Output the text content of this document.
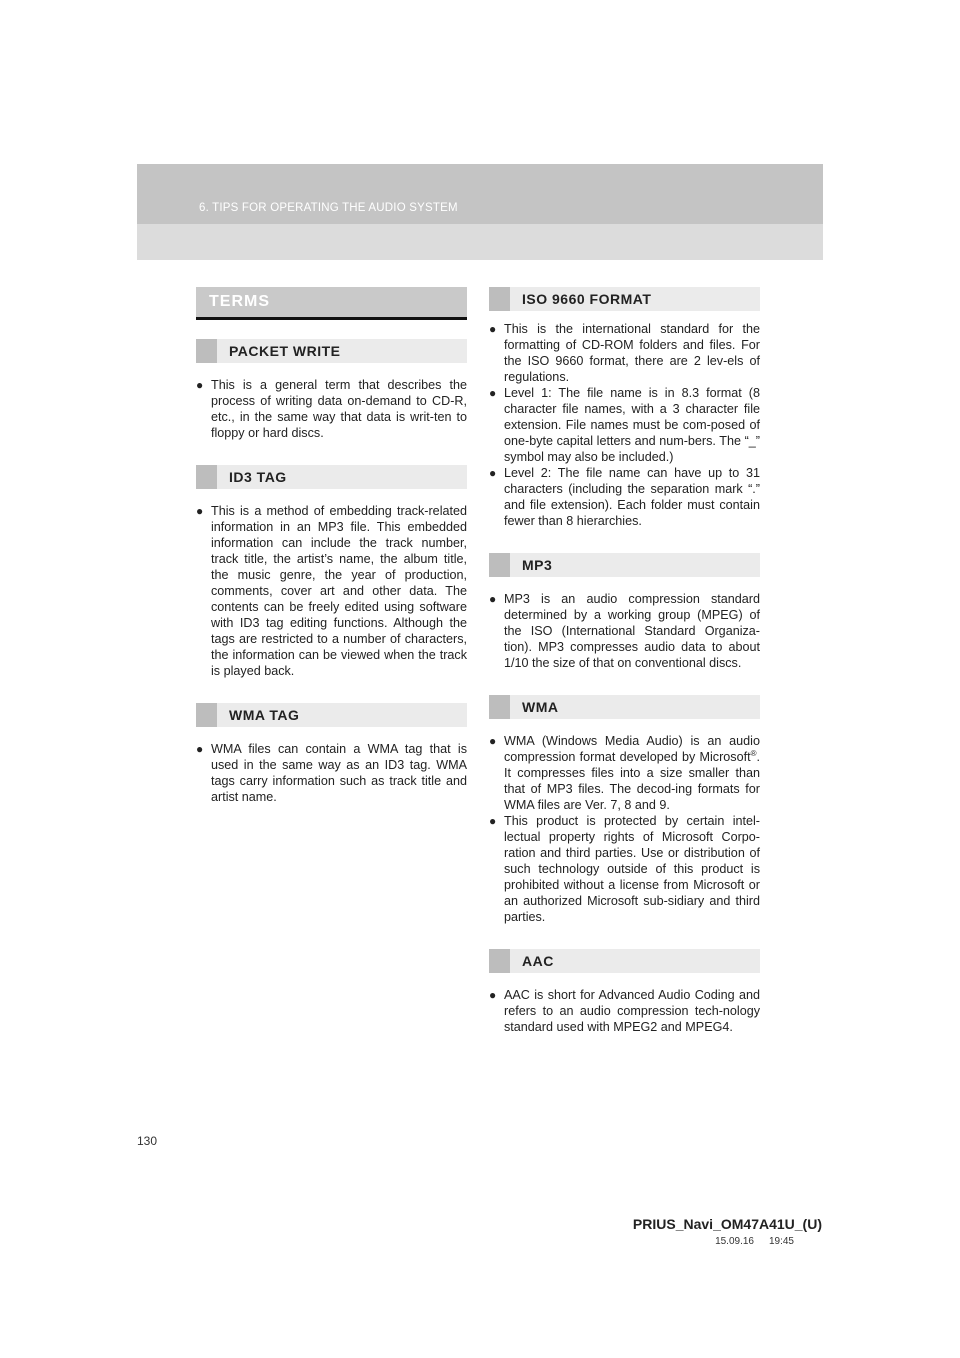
6. TIPS FOR OPERATING THE AUDIO SYSTEM
TERMS
PACKET WRITE

● This is a general term that describes the process of writing data on-demand to CD-R, etc., in the same way that data is writ-ten to floppy or hard discs.

ID3 TAG

● This is a method of embedding track-related information in an MP3 file. This embedded information can include the track number, track title, the artist’s name, the album title, the music genre, the year of production, comments, cover art and other data. The contents can be freely edited using software with ID3 tag editing functions. Although the tags are restricted to a number of characters, the information can be viewed when the track is played back.

WMA TAG

● WMA files can contain a WMA tag that is used in the same way as an ID3 tag. WMA tags carry information such as track title and artist name.

ISO 9660 FORMAT

● This is the international standard for the formatting of CD-ROM folders and files. For the ISO 9660 format, there are 2 lev-els of regulations.

● Level 1: The file name is in 8.3 format (8 character file names, with a 3 character file extension. File names must be com-posed of one-byte capital letters and num-bers. The “_” symbol may also be included.)

● Level 2: The file name can have up to 31 characters (including the separation mark “.” and file extension). Each folder must contain fewer than 8 hierarchies.

MP3

● MP3 is an audio compression standard determined by a working group (MPEG) of the ISO (International Standard Organiza-tion). MP3 compresses audio data to about 1/10 the size of that on conventional discs.

WMA

● WMA (Windows Media Audio) is an audio compression format developed by Microsoft®. It compresses files into a size smaller than that of MP3 files. The decod-ing formats for WMA files are Ver. 7, 8 and 9.

● This product is protected by certain intel-lectual property rights of Microsoft Corpo-ration and third parties. Use or distribution of such technology outside of this product is prohibited without a license from Microsoft or an authorized Microsoft sub-sidiary and third parties.

AAC

● AAC is short for Advanced Audio Coding and refers to an audio compression tech-nology standard used with MPEG2 and MPEG4.

130
PRIUS_Navi_OM47A41U_(U)
15.09.16 19:45
